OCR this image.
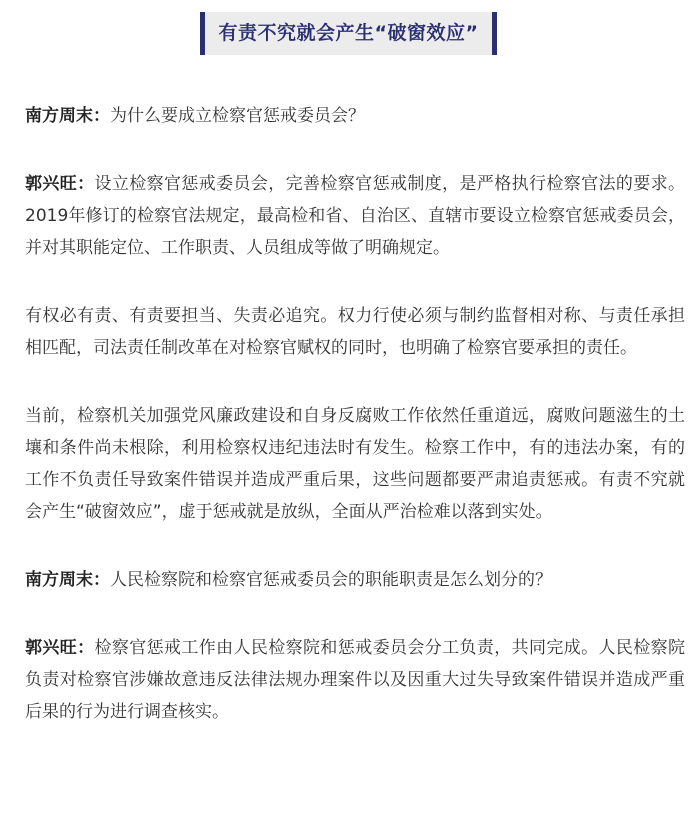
有责不究就会产生“破窗效应”

南方周末：为什么要成立检察官惩戒委员会？

郭兴旺：设立检察官惩戒委员会，完善检察官惩戒制度，是严格执行检察官法的要求。2019年修订的检察官法规定，最高检和省、自治区、直辖市要设立检察官惩戒委员会，并对其职能定位、工作职责、人员组成等做了明确规定。

有权必有责、有责要担当、失责必追究。权力行使必须与制约监督相对称、与责任承担相匹配，司法责任制改革在对检察官赋权的同时，也明确了检察官要承担的责任。

当前，检察机关加强党风廉政建设和自身反腐败工作依然任重道远，腐败问题滋生的土壤和条件尚未根除，利用检察权违纪违法时有发生。检察工作中，有的违法办案，有的工作不负责任导致案件错误并造成严重后果，这些问题都要严肃追责惩戒。有责不究就会产生“破窗效应”，虚于惩戒就是放纵，全面从严治检难以落到实处。

南方周末：人民检察院和检察官惩戒委员会的职能职责是怎么划分的？

郭兴旺：检察官惩戒工作由人民检察院和惩戒委员会分工负责，共同完成。人民检察院负责对检察官涉嫌故意违反法律法规办理案件以及因重大过失导致案件错误并造成严重后果的行为进行调查核实。
